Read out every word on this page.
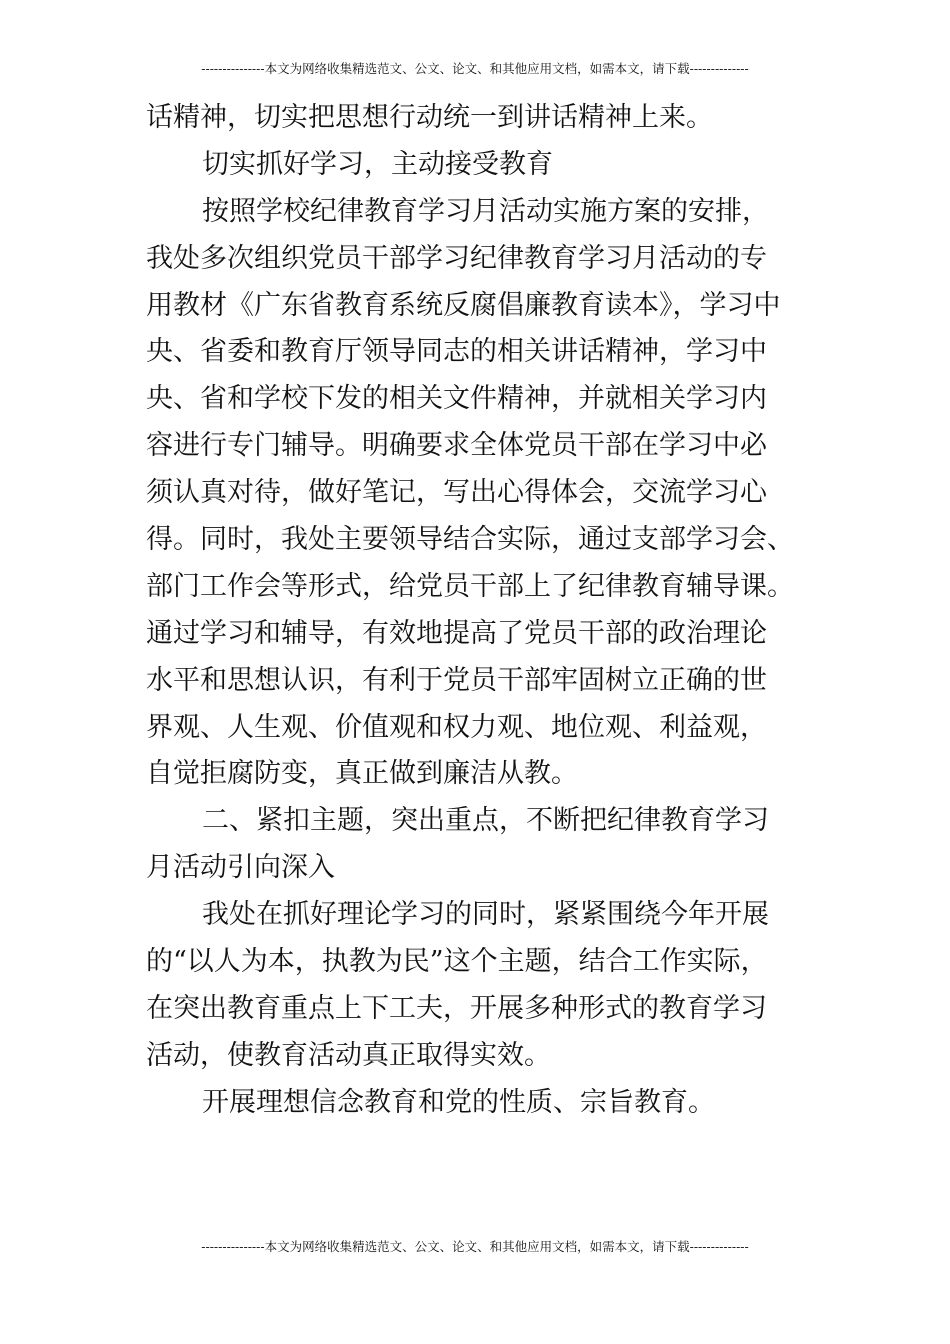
---------------本文为网络收集精选范文、公文、论文、和其他应用文档，如需本文，请下载--------------
话精神，切实把思想行动统一到讲话精神上来。
切实抓好学习，主动接受教育
按照学校纪律教育学习月活动实施方案的安排，
我处多次组织党员干部学习纪律教育学习月活动的专
用教材《广东省教育系统反腐倡廉教育读本》，学习中
央、省委和教育厅领导同志的相关讲话精神，学习中
央、省和学校下发的相关文件精神，并就相关学习内
容进行专门辅导。明确要求全体党员干部在学习中必
须认真对待，做好笔记，写出心得体会，交流学习心
得。同时，我处主要领导结合实际，通过支部学习会、
部门工作会等形式，给党员干部上了纪律教育辅导课。
通过学习和辅导，有效地提高了党员干部的政治理论
水平和思想认识，有利于党员干部牢固树立正确的世
界观、人生观、价值观和权力观、地位观、利益观，
自觉拒腐防变，真正做到廉洁从教。
二、紧扣主题，突出重点，不断把纪律教育学习
月活动引向深入
我处在抓好理论学习的同时，紧紧围绕今年开展
的“以人为本，执教为民”这个主题，结合工作实际，
在突出教育重点上下工夫，开展多种形式的教育学习
活动，使教育活动真正取得实效。
开展理想信念教育和党的性质、宗旨教育。
---------------本文为网络收集精选范文、公文、论文、和其他应用文档，如需本文，请下载--------------
